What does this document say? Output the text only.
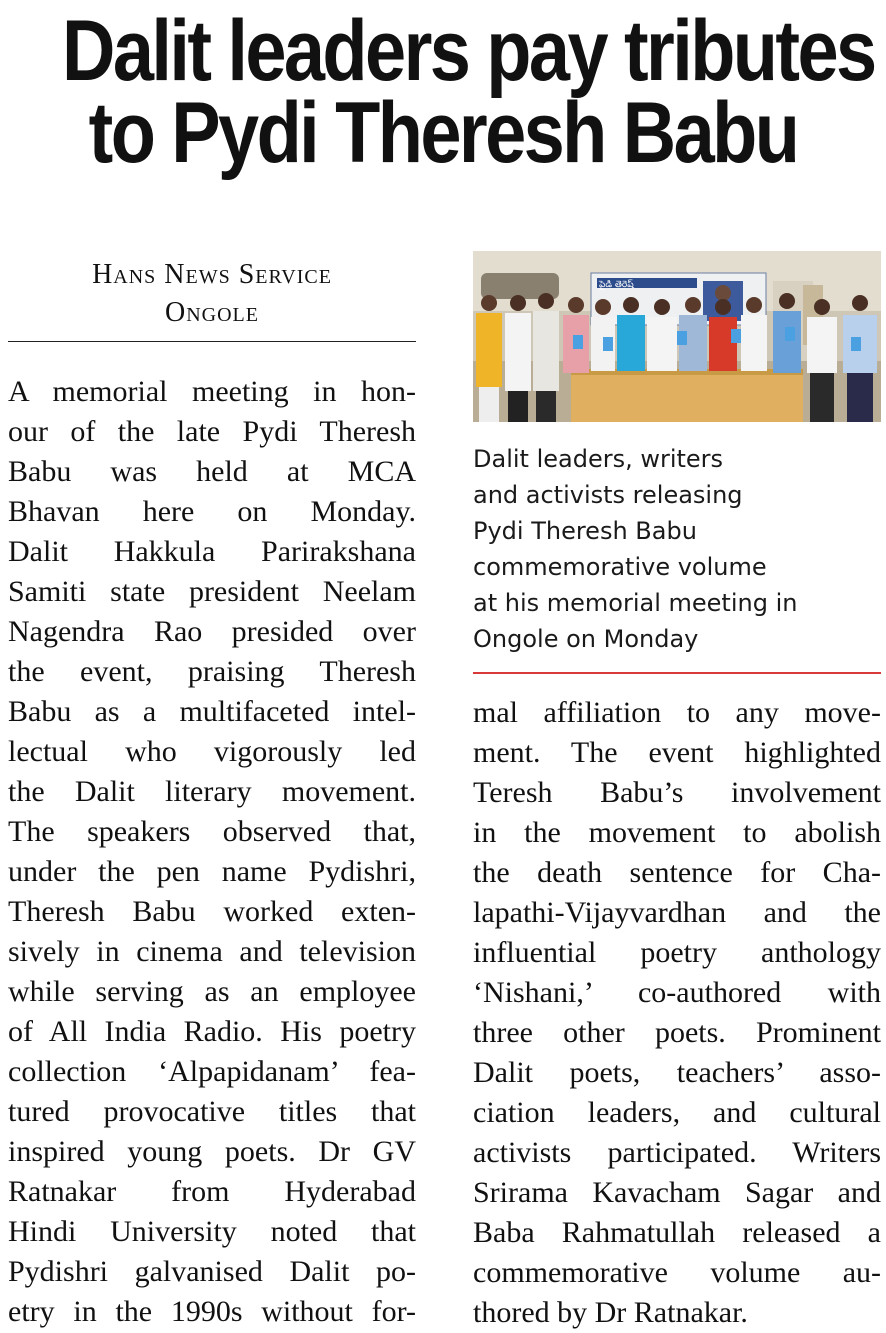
Dalit leaders pay tributes
to Pydi Theresh Babu
Hans News Service
Ongole
A memorial meeting in hon-
our of the late Pydi Theresh
Babu was held at MCA
Bhavan here on Monday.
Dalit Hakkula Parirakshana
Samiti state president Neelam
Nagendra Rao presided over
the event, praising Theresh
Babu as a multifaceted intel-
lectual who vigorously led
the Dalit literary movement.
The speakers observed that,
under the pen name Pydishri,
Theresh Babu worked exten-
sively in cinema and television
while serving as an employee
of All India Radio. His poetry
collection ‘Alpapidanam’ fea-
tured provocative titles that
inspired young poets. Dr GV
Ratnakar from Hyderabad
Hindi University noted that
Pydishri galvanised Dalit po-
etry in the 1990s without for-
పైడి తెరెష్
Dalit leaders, writers
and activists releasing
Pydi Theresh Babu
commemorative volume
at his memorial meeting in
Ongole on Monday
mal affiliation to any move-
ment. The event highlighted
Teresh Babu’s involvement
in the movement to abolish
the death sentence for Cha-
lapathi-Vijayvardhan and the
influential poetry anthology
‘Nishani,’ co-authored with
three other poets. Prominent
Dalit poets, teachers’ asso-
ciation leaders, and cultural
activists participated. Writers
Srirama Kavacham Sagar and
Baba Rahmatullah released a
commemorative volume au-
thored by Dr Ratnakar.
